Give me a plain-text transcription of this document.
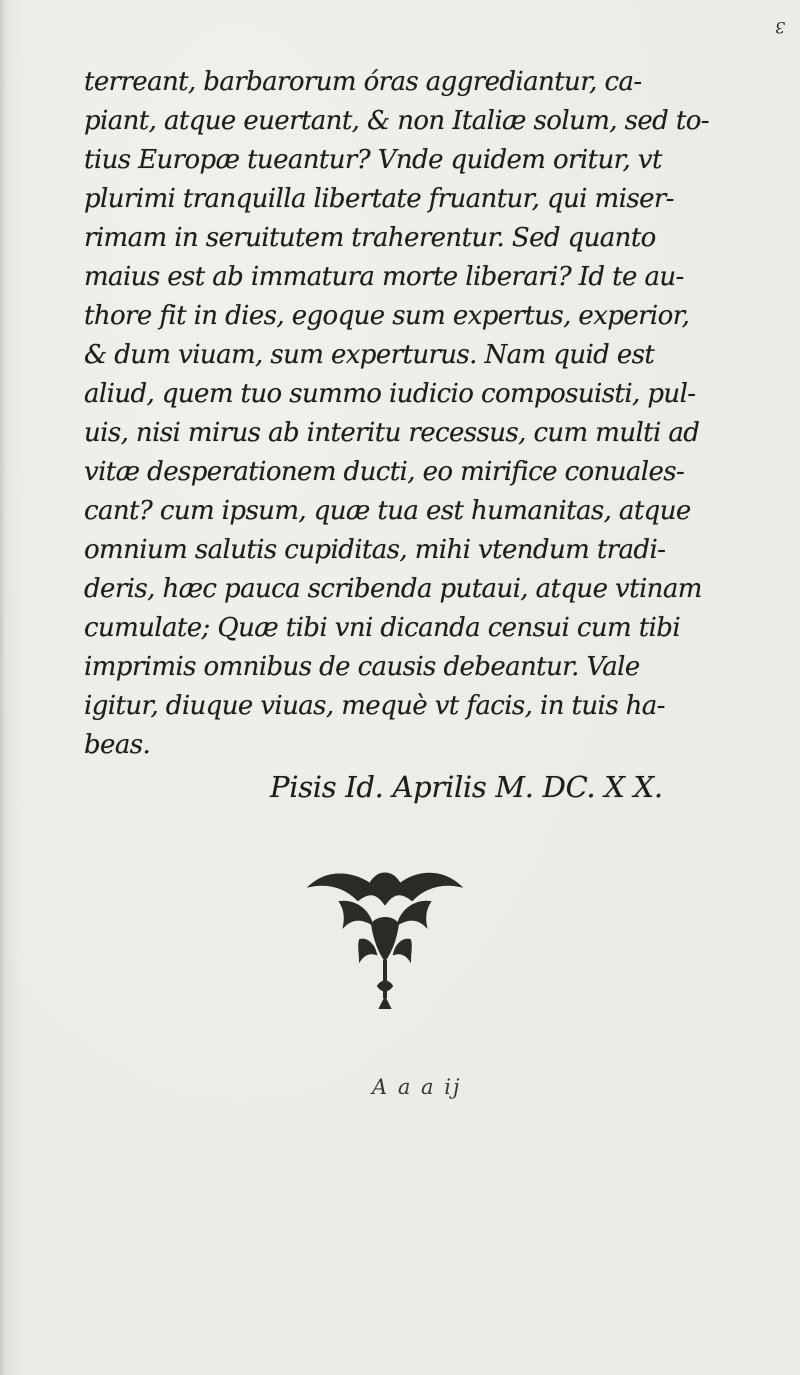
3
terreant, barbarorum óras aggrediantur, ca-
piant, atque euertant, & non Italiæ solum, sed to-
tius Europæ tueantur? Vnde quidem oritur, vt
plurimi tranquilla libertate fruantur, qui miser-
rimam in seruitutem traherentur. Sed quanto
maius est ab immatura morte liberari? Id te au-
thore fit in dies, egoque sum expertus, experior,
& dum viuam, sum experturus. Nam quid est
aliud, quem tuo summo iudicio composuisti, pul-
uis, nisi mirus ab interitu recessus, cum multi ad
vitæ desperationem ducti, eo mirifice conuales-
cant? cum ipsum, quæ tua est humanitas, atque
omnium salutis cupiditas, mihi vtendum tradi-
deris, hæc pauca scribenda putaui, atque vtinam
cumulate; Quæ tibi vni dicanda censui cum tibi
imprimis omnibus de causis debeantur. Vale
igitur, diuque viuas, mequè vt facis, in tuis ha-
beas.
Pisis Id. Aprilis M. DC. X X.
A a a ij
